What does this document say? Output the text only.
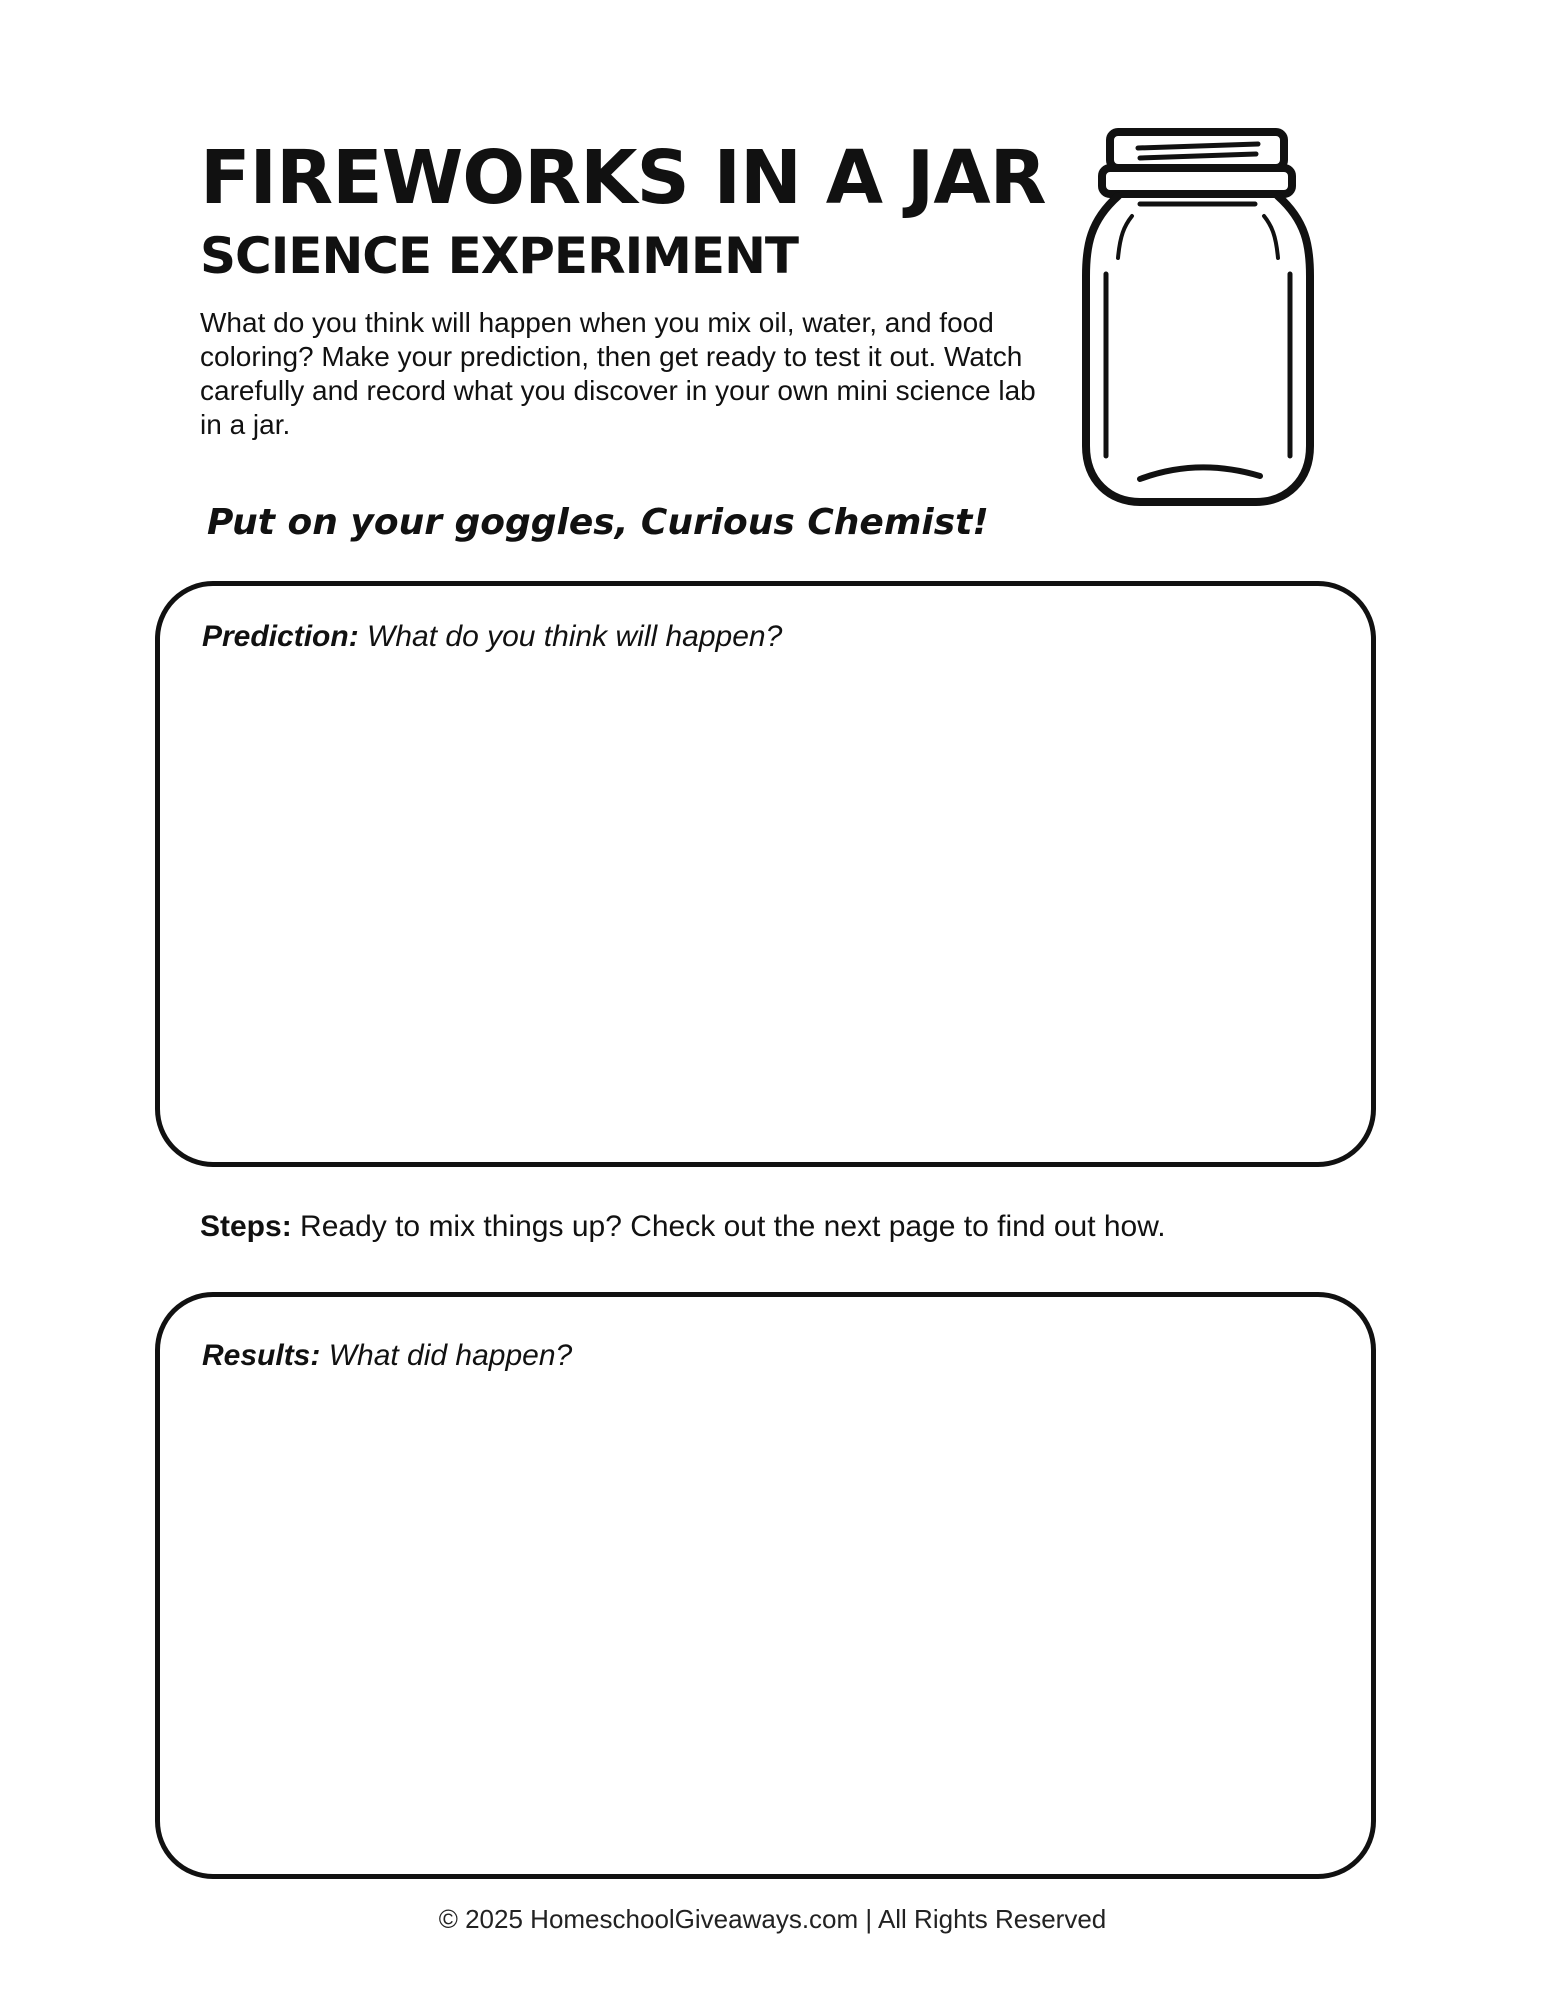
FIREWORKS IN A JAR
SCIENCE EXPERIMENT
What do you think will happen when you mix oil, water, and food coloring? Make your prediction, then get ready to test it out. Watch carefully and record what you discover in your own mini science lab in a jar.
Put on your goggles, Curious Chemist!
Prediction: What do you think will happen?
Steps: Ready to mix things up? Check out the next page to find out how.
Results: What did happen?
© 2025 HomeschoolGiveaways.com | All Rights Reserved
